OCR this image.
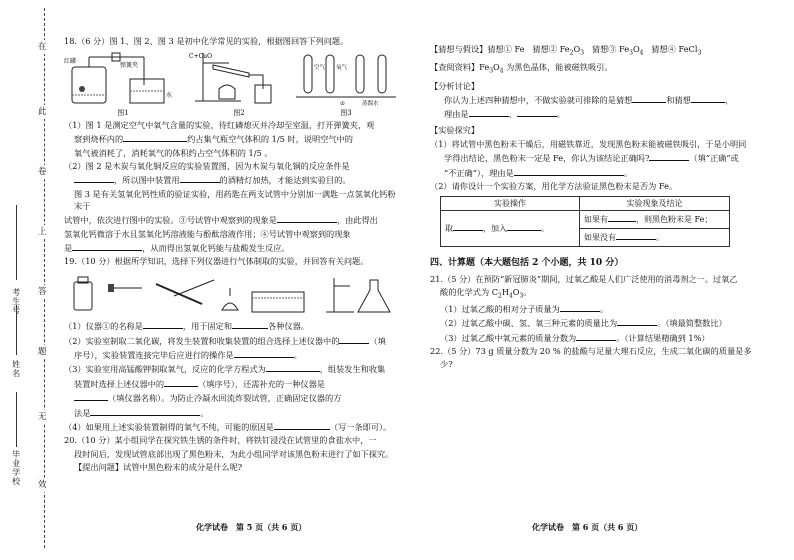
在
此
卷
上
答
题
无
效
考生号
姓名
毕业学校

18.（6 分）图 1、图 2、图 3 是初中化学常见的实验，根据图回答下列问题。

红磷
弹簧夹
水
图1
C+CuO
图2
空气 氧气
②	蒸馏水
图3

（1）图 1 是测定空气中氧气含量的实验，待红磷熄灭并冷却至室温，打开弹簧夹，观

察到烧杯内的	约占集气瓶空气体积的 1/5 时，说明空气中的

氧气被消耗了，消耗氧气的体积约占空气体积的 1/5 。

（2）图 2 是木炭与氧化铜反应的实验装置图，因为木炭与氧化铜的反应条件是

，所以图中装置用	的酒精灯加热，才能达到实验目的。

图 3 是有关氢氧化钙性质的验证实验，用药匙在两支试管中分别加一满匙一点氢氧化钙粉末于

试管中，依次进行图中的实验。③号试管中观察到的现象是	，由此得出

氢氧化钙微溶于水且氢氧化钙溶液能与酚酞溶液作用；④号试管中观察到的现象

是	，从而得出氢氧化钙能与盐酸发生反应。

19.（10 分）根据所学知识，选择下列仪器进行气体制取的实验，并回答有关问题。

（1）仪器①的名称是	，用于固定和	各种仪器。

（2）实验室制取二氧化碳，将发生装置和收集装置的组合选择上述仪器中的	（填

序号），实验装置连接完毕后应进行的操作是	。

（3）实验室用高锰酸钾制取氧气，反应的化学方程式为	，组装发生和收集

装置时选择上述仪器中的	（填序号），还需补充的一种仪器是

（填仪器名称）。为防止冷凝水回流炸裂试管，正确固定仪器的方

法是	。

（4）如果用上述实验装置制得的氧气不纯，可能的原因是	（写一条即可）。

20.（10 分）某小组同学在探究铁生锈的条件时，将铁钉浸没在试管里的食盐水中，一

段时间后，发现试管底部出现了黑色粉末，为此小组同学对该黑色粉末进行了如下探究。

【提出问题】试管中黑色粉末的成分是什么呢?

化学试卷　第 5 页（共 6 页）

【猜想与假设】猜想① Fe 猜想② $Fe_2O_3$ 猜想③ $Fe_3O_4$ 猜想④ FeCl$_3$

【查阅资料】$Fe_3O_4$ 为黑色晶体，能被磁铁吸引。

【分析讨论】

你认为上述四种猜想中，不做实验就可排除的是猜想	和猜想	，

理由是	、	。

【实验探究】

（1）将试管中黑色粉末干燥后，用磁铁靠近，发现黑色粉末能被磁铁吸引，于是小明同

学得出结论，黑色粉末一定是 Fe，你认为该结论正确吗?	（填“正确”或

“不正确”），理由是	。

（2）请你设计一个实验方案，用化学方法验证黑色粉末是否为 Fe。

实验操作	实验现象及结论
取 ，加入 。	如果有 ，则黑色粉末是 Fe；
	如果没有 。

四、计算题（本大题包括 2 个小题，共 10 分）

21.（5 分）在预防“新冠肺炎”期间，过氧乙酸是人们广泛使用的消毒剂之一。过氧乙

酸的化学式为 $C_2H_4O_3$。

（1）过氧乙酸的相对分子质量为	。

（2）过氧乙酸中碳、氢、氧三种元素的质量比为	。（填最简整数比）

（3）过氧乙酸中氧元素的质量分数为	。（计算结果精确到 1%）

22.（5 分）73 g 质量分数为 20 % 的盐酸与足量大理石反应，生成二氧化碳的质量是多

少?

化学试卷　第 6 页（共 6 页）
